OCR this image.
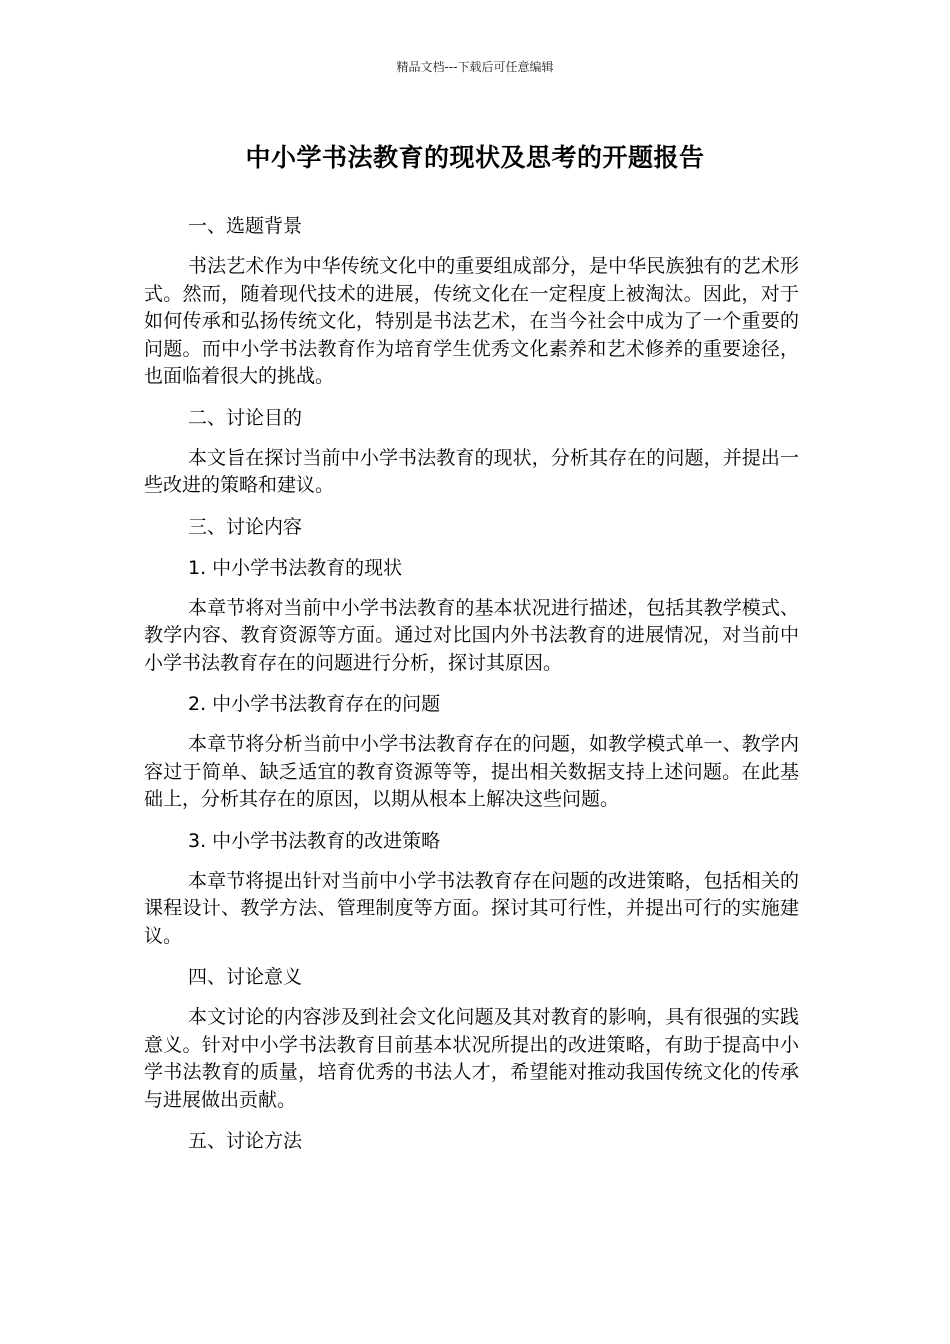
精品文档---下载后可任意编辑
中小学书法教育的现状及思考的开题报告
一、选题背景

书法艺术作为中华传统文化中的重要组成部分，是中华民族独有的艺术形式。然而，随着现代技术的进展，传统文化在一定程度上被淘汰。因此，对于如何传承和弘扬传统文化，特别是书法艺术，在当今社会中成为了一个重要的问题。而中小学书法教育作为培育学生优秀文化素养和艺术修养的重要途径，也面临着很大的挑战。

二、讨论目的

本文旨在探讨当前中小学书法教育的现状，分析其存在的问题，并提出一些改进的策略和建议。

三、讨论内容
1. 中小学书法教育的现状

本章节将对当前中小学书法教育的基本状况进行描述，包括其教学模式、教学内容、教育资源等方面。通过对比国内外书法教育的进展情况，对当前中小学书法教育存在的问题进行分析，探讨其原因。

2. 中小学书法教育存在的问题

本章节将分析当前中小学书法教育存在的问题，如教学模式单一、教学内容过于简单、缺乏适宜的教育资源等等，提出相关数据支持上述问题。在此基础上，分析其存在的原因，以期从根本上解决这些问题。

3. 中小学书法教育的改进策略

本章节将提出针对当前中小学书法教育存在问题的改进策略，包括相关的课程设计、教学方法、管理制度等方面。探讨其可行性，并提出可行的实施建议。

四、讨论意义

本文讨论的内容涉及到社会文化问题及其对教育的影响，具有很强的实践意义。针对中小学书法教育目前基本状况所提出的改进策略，有助于提高中小学书法教育的质量，培育优秀的书法人才，希望能对推动我国传统文化的传承与进展做出贡献。

五、讨论方法
